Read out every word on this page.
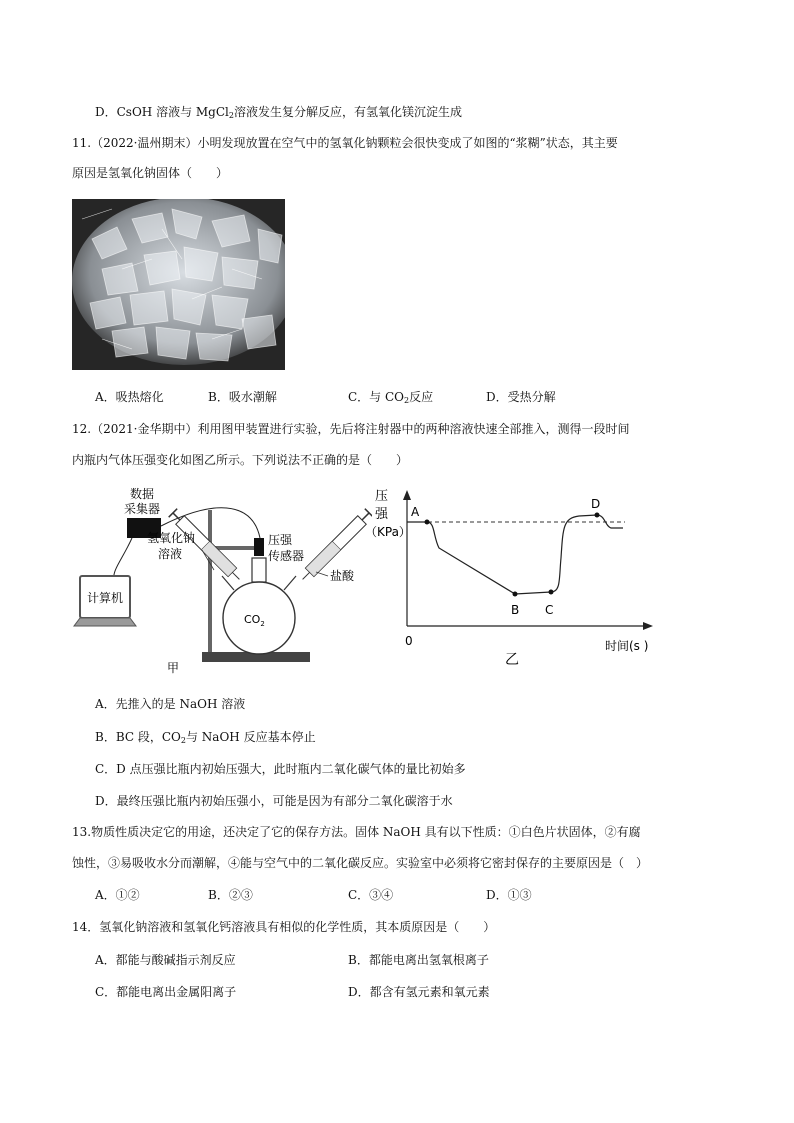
D．CsOH 溶液与 MgCl$_2$溶液发生复分解反应，有氢氧化镁沉淀生成
11.（2022·温州期末）小明发现放置在空气中的氢氧化钠颗粒会很快变成了如图的“浆糊”状态，其主要
原因是氢氧化钠固体（　　）
A．吸热熔化	B．吸水潮解	C．与 $CO_2$反应	D．受热分解
12.（2021·金华期中）利用图甲装置进行实验，先后将注射器中的两种溶液快速全部推入，测得一段时间
内瓶内气体压强变化如图乙所示。下列说法不正确的是（　　）
数据
采集器
计算机
压强
传感器
$CO_2$
氢氧化钠
溶液
盐酸
甲
压
强
（KPa）
0	时间(s )
A
B C
D
乙
A．先推入的是 NaOH 溶液
B．BC 段，$CO_2$与 NaOH 反应基本停止
C．D 点压强比瓶内初始压强大，此时瓶内二氧化碳气体的量比初始多
D．最终压强比瓶内初始压强小，可能是因为有部分二氧化碳溶于水
13.物质性质决定它的用途，还决定了它的保存方法。固体 NaOH 具有以下性质：①白色片状固体，②有腐
蚀性，③易吸收水分而潮解，④能与空气中的二氧化碳反应。实验室中必须将它密封保存的主要原因是（　）
A．①②	B．②③	C．③④	D．①③
14．氢氧化钠溶液和氢氧化钙溶液具有相似的化学性质，其本质原因是（　　）
A．都能与酸碱指示剂反应	B．都能电离出氢氧根离子
C．都能电离出金属阳离子	D．都含有氢元素和氧元素
